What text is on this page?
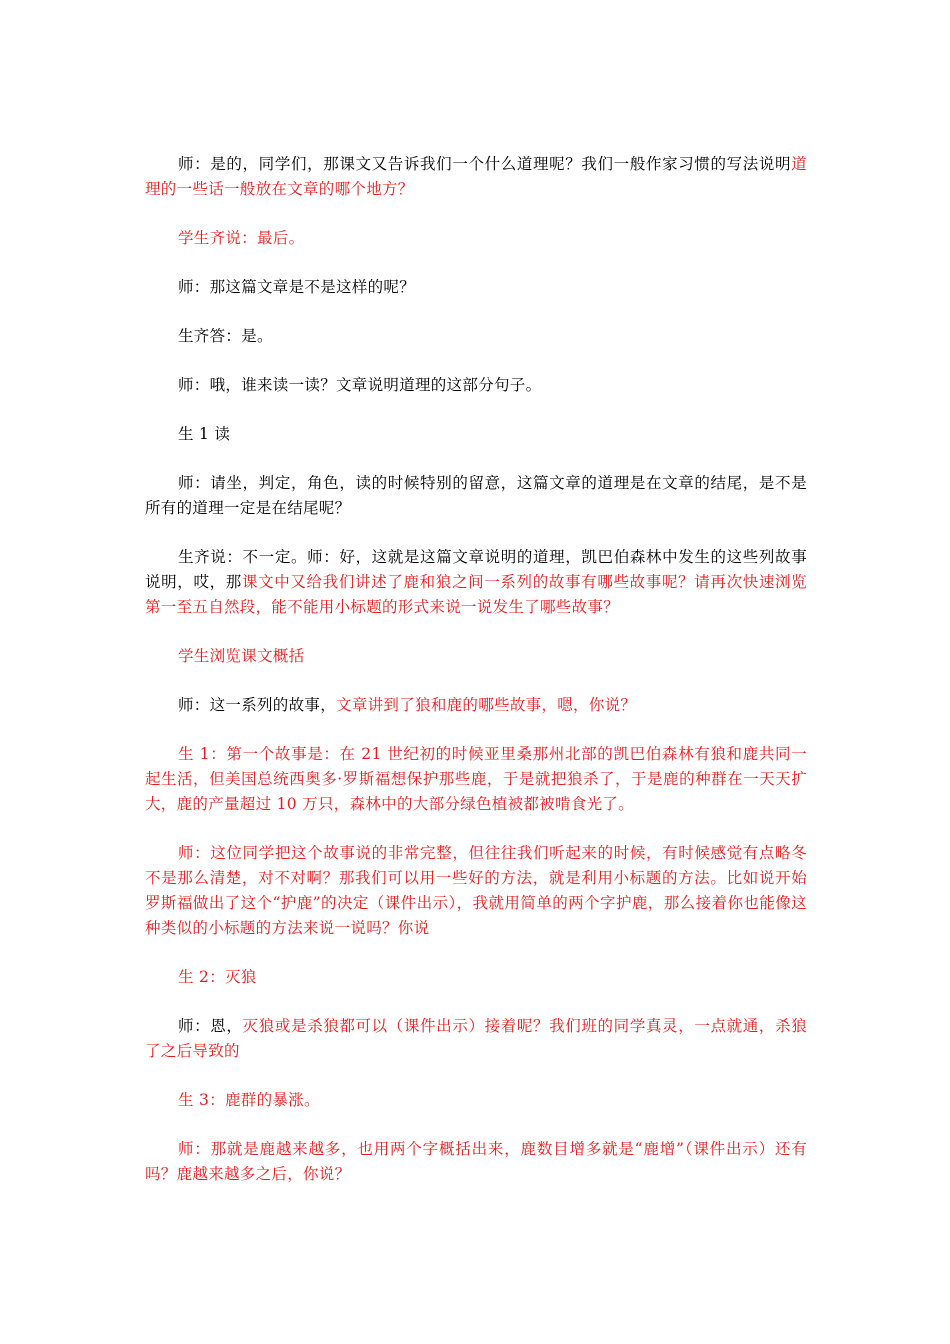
师：是的，同学们，那课文又告诉我们一个什么道理呢？我们一般作家习惯的写法说明道理的一些话一般放在文章的哪个地方？

学生齐说：最后。

师：那这篇文章是不是这样的呢？

生齐答：是。

师：哦，谁来读一读？文章说明道理的这部分句子。

生 1 读

师：请坐，判定，角色，读的时候特别的留意，这篇文章的道理是在文章的结尾，是不是所有的道理一定是在结尾呢？

生齐说：不一定。师：好，这就是这篇文章说明的道理，凯巴伯森林中发生的这些列故事说明，哎，那课文中又给我们讲述了鹿和狼之间一系列的故事有哪些故事呢？请再次快速浏览第一至五自然段，能不能用小标题的形式来说一说发生了哪些故事？

学生浏览课文概括

师：这一系列的故事，文章讲到了狼和鹿的哪些故事，嗯，你说？

生 1：第一个故事是：在 21 世纪初的时候亚里桑那州北部的凯巴伯森林有狼和鹿共同一起生活，但美国总统西奥多·罗斯福想保护那些鹿，于是就把狼杀了，于是鹿的种群在一天天扩大，鹿的产量超过 10 万只，森林中的大部分绿色植被都被啃食光了。

师：这位同学把这个故事说的非常完整，但往往我们听起来的时候，有时候感觉有点略冬不是那么清楚，对不对啊？那我们可以用一些好的方法，就是利用小标题的方法。比如说开始罗斯福做出了这个“护鹿”的决定（课件出示），我就用简单的两个字护鹿，那么接着你也能像这种类似的小标题的方法来说一说吗？你说

生 2：灭狼

师：恩，灭狼或是杀狼都可以（课件出示）接着呢？我们班的同学真灵，一点就通，杀狼了之后导致的

生 3：鹿群的暴涨。

师：那就是鹿越来越多，也用两个字概括出来，鹿数目增多就是“鹿增”（课件出示）还有吗？鹿越来越多之后，你说？
